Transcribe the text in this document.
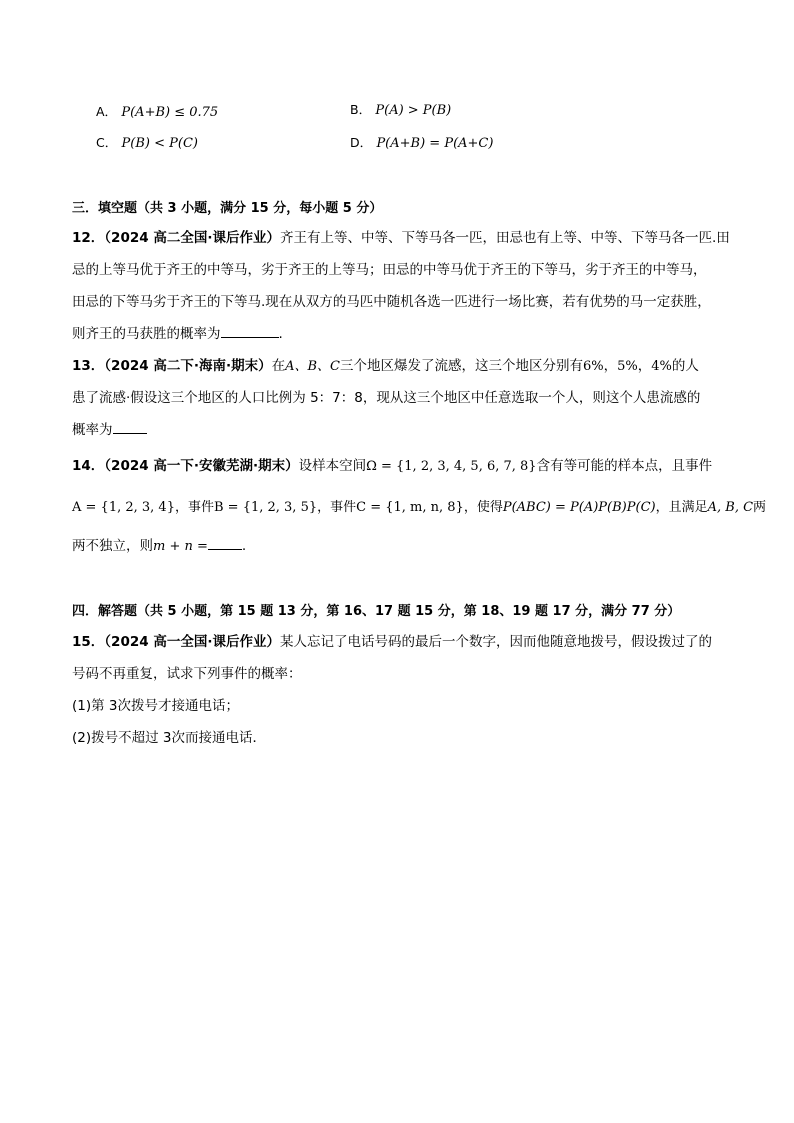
A． P(A+B) ≤ 0.75	B． P(A) > P(B)
C． P(B) < P(C)	D． P(A+B) = P(A+C)
三．填空题（共 3 小题，满分 15 分，每小题 5 分）
12．（2024 高二全国·课后作业）齐王有上等、中等、下等马各一匹，田忌也有上等、中等、下等马各一匹.田
忌的上等马优于齐王的中等马，劣于齐王的上等马；田忌的中等马优于齐王的下等马，劣于齐王的中等马，
田忌的下等马劣于齐王的下等马.现在从双方的马匹中随机各选一匹进行一场比赛，若有优势的马一定获胜，
则齐王的马获胜的概率为	.
13．（2024 高二下·海南·期末）在A、B、C三个地区爆发了流感，这三个地区分别有6%，5%，4%的人
患了流感·假设这三个地区的人口比例为 5：7：8，现从这三个地区中任意选取一个人，则这个人患流感的
概率为
14．（2024 高一下·安徽芜湖·期末）设样本空间Ω = {1, 2, 3, 4, 5, 6, 7, 8}含有等可能的样本点，且事件
A = {1, 2, 3, 4}，事件B = {1, 2, 3, 5}，事件C = {1, m, n, 8}，使得P(ABC) = P(A)P(B)P(C)，且满足A, B, C两
两不独立，则m + n =	.
四．解答题（共 5 小题，第 15 题 13 分，第 16、17 题 15 分，第 18、19 题 17 分，满分 77 分）
15．（2024 高一全国·课后作业）某人忘记了电话号码的最后一个数字，因而他随意地拨号，假设拨过了的
号码不再重复，试求下列事件的概率：
(1)第 3次拨号才接通电话；
(2)拨号不超过 3次而接通电话．
